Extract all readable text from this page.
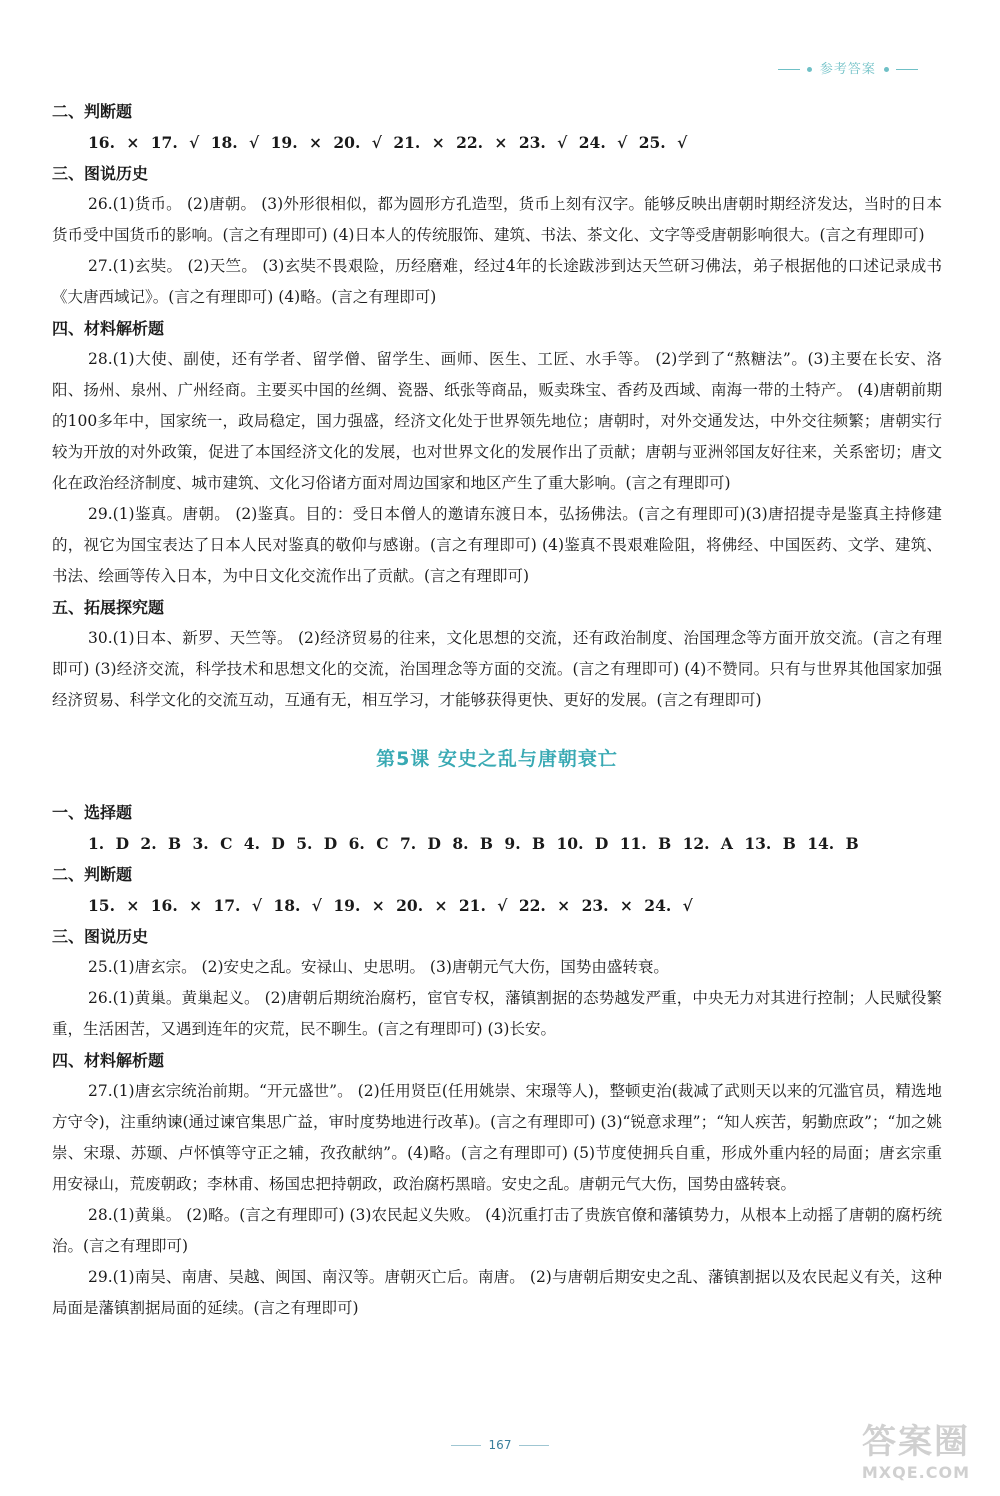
参考答案
二、判断题
16. × 17. √ 18. √ 19. × 20. √ 21. × 22. × 23. √ 24. √ 25. √
三、图说历史
26.(1)货币。 (2)唐朝。 (3)外形很相似，都为圆形方孔造型，货币上刻有汉字。能够反映出唐朝时期经济发达，当时的日本货币受中国货币的影响。(言之有理即可) (4)日本人的传统服饰、建筑、书法、茶文化、文字等受唐朝影响很大。(言之有理即可)
27.(1)玄奘。 (2)天竺。 (3)玄奘不畏艰险，历经磨难，经过4年的长途跋涉到达天竺研习佛法，弟子根据他的口述记录成书《大唐西域记》。(言之有理即可) (4)略。(言之有理即可)
四、材料解析题
28.(1)大使、副使，还有学者、留学僧、留学生、画师、医生、工匠、水手等。 (2)学到了“熬糖法”。(3)主要在长安、洛阳、扬州、泉州、广州经商。主要买中国的丝绸、瓷器、纸张等商品，贩卖珠宝、香药及西域、南海一带的土特产。 (4)唐朝前期的100多年中，国家统一，政局稳定，国力强盛，经济文化处于世界领先地位；唐朝时，对外交通发达，中外交往频繁；唐朝实行较为开放的对外政策，促进了本国经济文化的发展，也对世界文化的发展作出了贡献；唐朝与亚洲邻国友好往来，关系密切；唐文化在政治经济制度、城市建筑、文化习俗诸方面对周边国家和地区产生了重大影响。(言之有理即可)
29.(1)鉴真。唐朝。 (2)鉴真。目的：受日本僧人的邀请东渡日本，弘扬佛法。(言之有理即可)(3)唐招提寺是鉴真主持修建的，视它为国宝表达了日本人民对鉴真的敬仰与感谢。(言之有理即可) (4)鉴真不畏艰难险阻，将佛经、中国医药、文学、建筑、书法、绘画等传入日本，为中日文化交流作出了贡献。(言之有理即可)
五、拓展探究题
30.(1)日本、新罗、天竺等。 (2)经济贸易的往来，文化思想的交流，还有政治制度、治国理念等方面开放交流。(言之有理即可) (3)经济交流，科学技术和思想文化的交流，治国理念等方面的交流。(言之有理即可) (4)不赞同。只有与世界其他国家加强经济贸易、科学文化的交流互动，互通有无，相互学习，才能够获得更快、更好的发展。(言之有理即可)
第5课 安史之乱与唐朝衰亡
一、选择题
1. D 2. B 3. C 4. D 5. D 6. C 7. D 8. B 9. B 10. D 11. B 12. A 13. B 14. B
二、判断题
15. × 16. × 17. √ 18. √ 19. × 20. × 21. √ 22. × 23. × 24. √
三、图说历史
25.(1)唐玄宗。 (2)安史之乱。安禄山、史思明。 (3)唐朝元气大伤，国势由盛转衰。
26.(1)黄巢。黄巢起义。 (2)唐朝后期统治腐朽，宦官专权，藩镇割据的态势越发严重，中央无力对其进行控制；人民赋役繁重，生活困苦，又遇到连年的灾荒，民不聊生。(言之有理即可) (3)长安。
四、材料解析题
27.(1)唐玄宗统治前期。“开元盛世”。 (2)任用贤臣(任用姚崇、宋璟等人)，整顿吏治(裁减了武则天以来的冗滥官员，精选地方守令)，注重纳谏(通过谏官集思广益，审时度势地进行改革)。(言之有理即可) (3)“锐意求理”；“知人疾苦，躬勤庶政”；“加之姚崇、宋璟、苏颋、卢怀慎等守正之辅，孜孜献纳”。(4)略。(言之有理即可) (5)节度使拥兵自重，形成外重内轻的局面；唐玄宗重用安禄山，荒废朝政；李林甫、杨国忠把持朝政，政治腐朽黑暗。安史之乱。唐朝元气大伤，国势由盛转衰。
28.(1)黄巢。 (2)略。(言之有理即可) (3)农民起义失败。 (4)沉重打击了贵族官僚和藩镇势力，从根本上动摇了唐朝的腐朽统治。(言之有理即可)
29.(1)南吴、南唐、吴越、闽国、南汉等。唐朝灭亡后。南唐。 (2)与唐朝后期安史之乱、藩镇割据以及农民起义有关，这种局面是藩镇割据局面的延续。(言之有理即可)
167	答案圈
MXQE.COM
